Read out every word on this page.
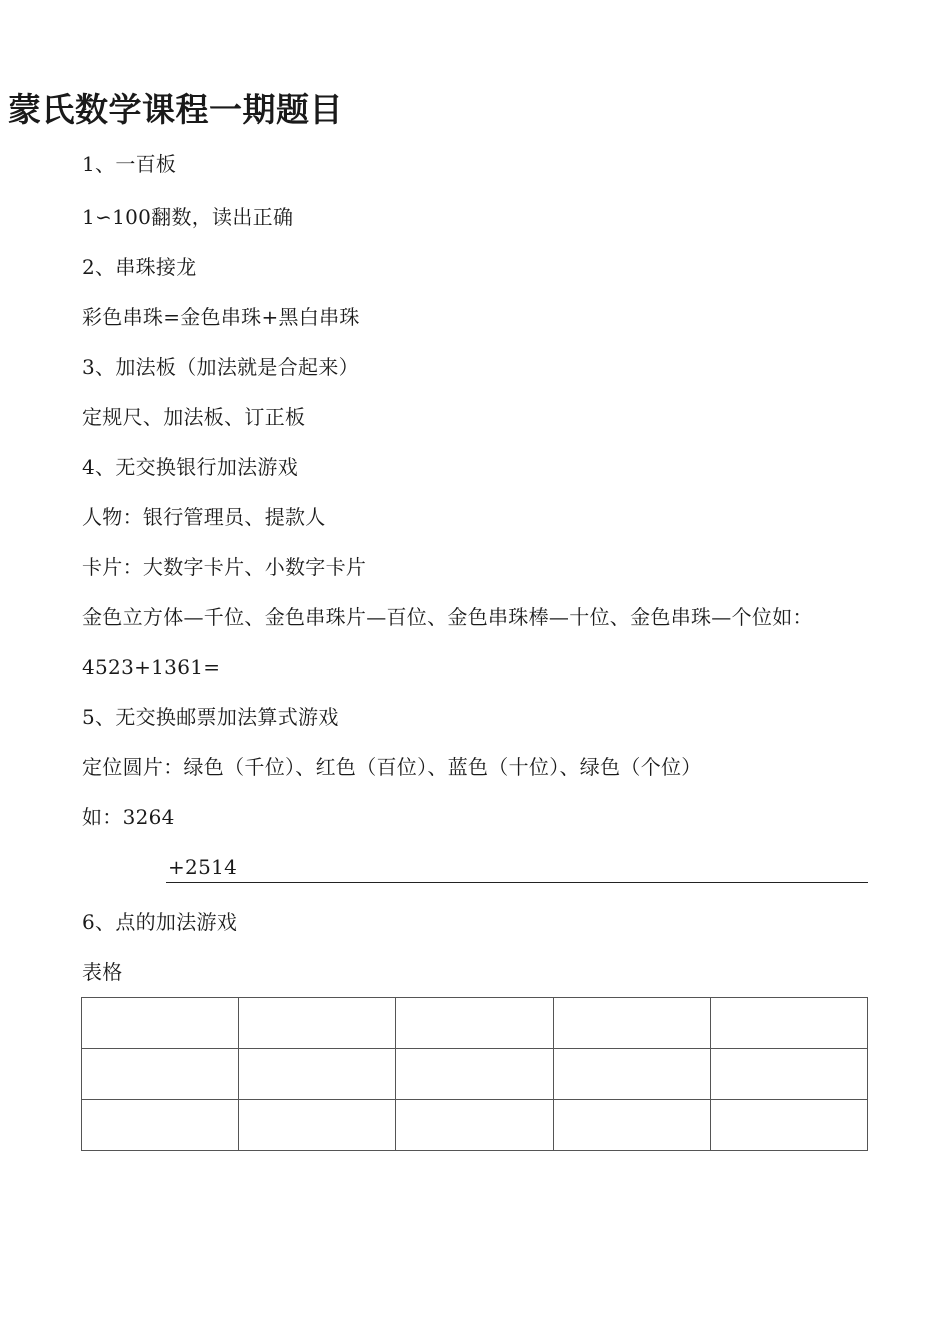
蒙氏数学课程一期题目
1、一百板
1∽100翻数，读出正确
2、串珠接龙
彩色串珠=金色串珠+黑白串珠
3、加法板（加法就是合起来）
定规尺、加法板、订正板
4、无交换银行加法游戏
人物：银行管理员、提款人
卡片：大数字卡片、小数字卡片
金色立方体—千位、金色串珠片—百位、金色串珠棒—十位、金色串珠—个位如：
4523+1361=
5、无交换邮票加法算式游戏
定位圆片：绿色（千位）、红色（百位）、蓝色（十位）、绿色（个位）
如：3264
+2514
6、点的加法游戏
表格
